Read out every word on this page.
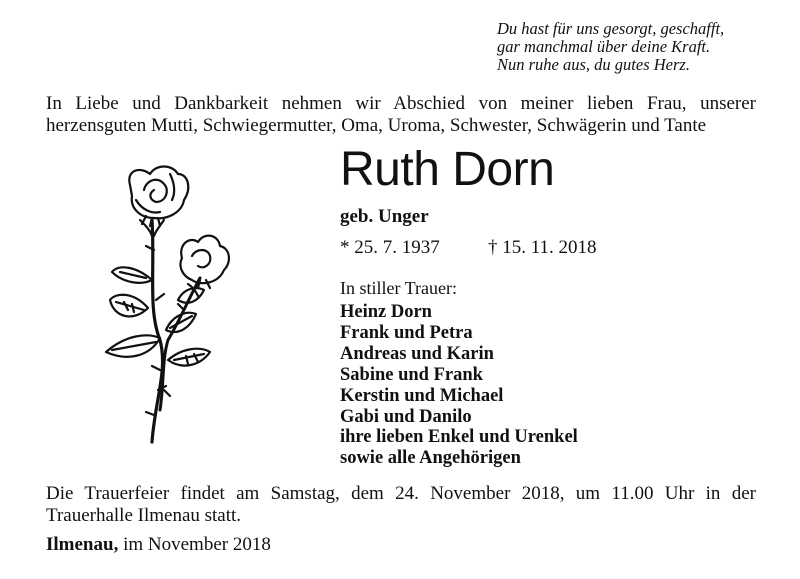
Du hast für uns gesorgt, geschafft,
gar manchmal über deine Kraft.
Nun ruhe aus, du gutes Herz.
In Liebe und Dankbarkeit nehmen wir Abschied von meiner lieben Frau, unserer
herzensguten Mutti, Schwiegermutter, Oma, Uroma, Schwester, Schwägerin und Tante
Ruth Dorn
geb. Unger
* 25. 7. 1937	† 15. 11. 2018
In stiller Trauer:
Heinz Dorn
Frank und Petra
Andreas und Karin
Sabine und Frank
Kerstin und Michael
Gabi und Danilo
ihre lieben Enkel und Urenkel
sowie alle Angehörigen
Die Trauerfeier findet am Samstag, dem 24. November 2018, um 11.00 Uhr in der
Trauerhalle Ilmenau statt.
Ilmenau, im November 2018
